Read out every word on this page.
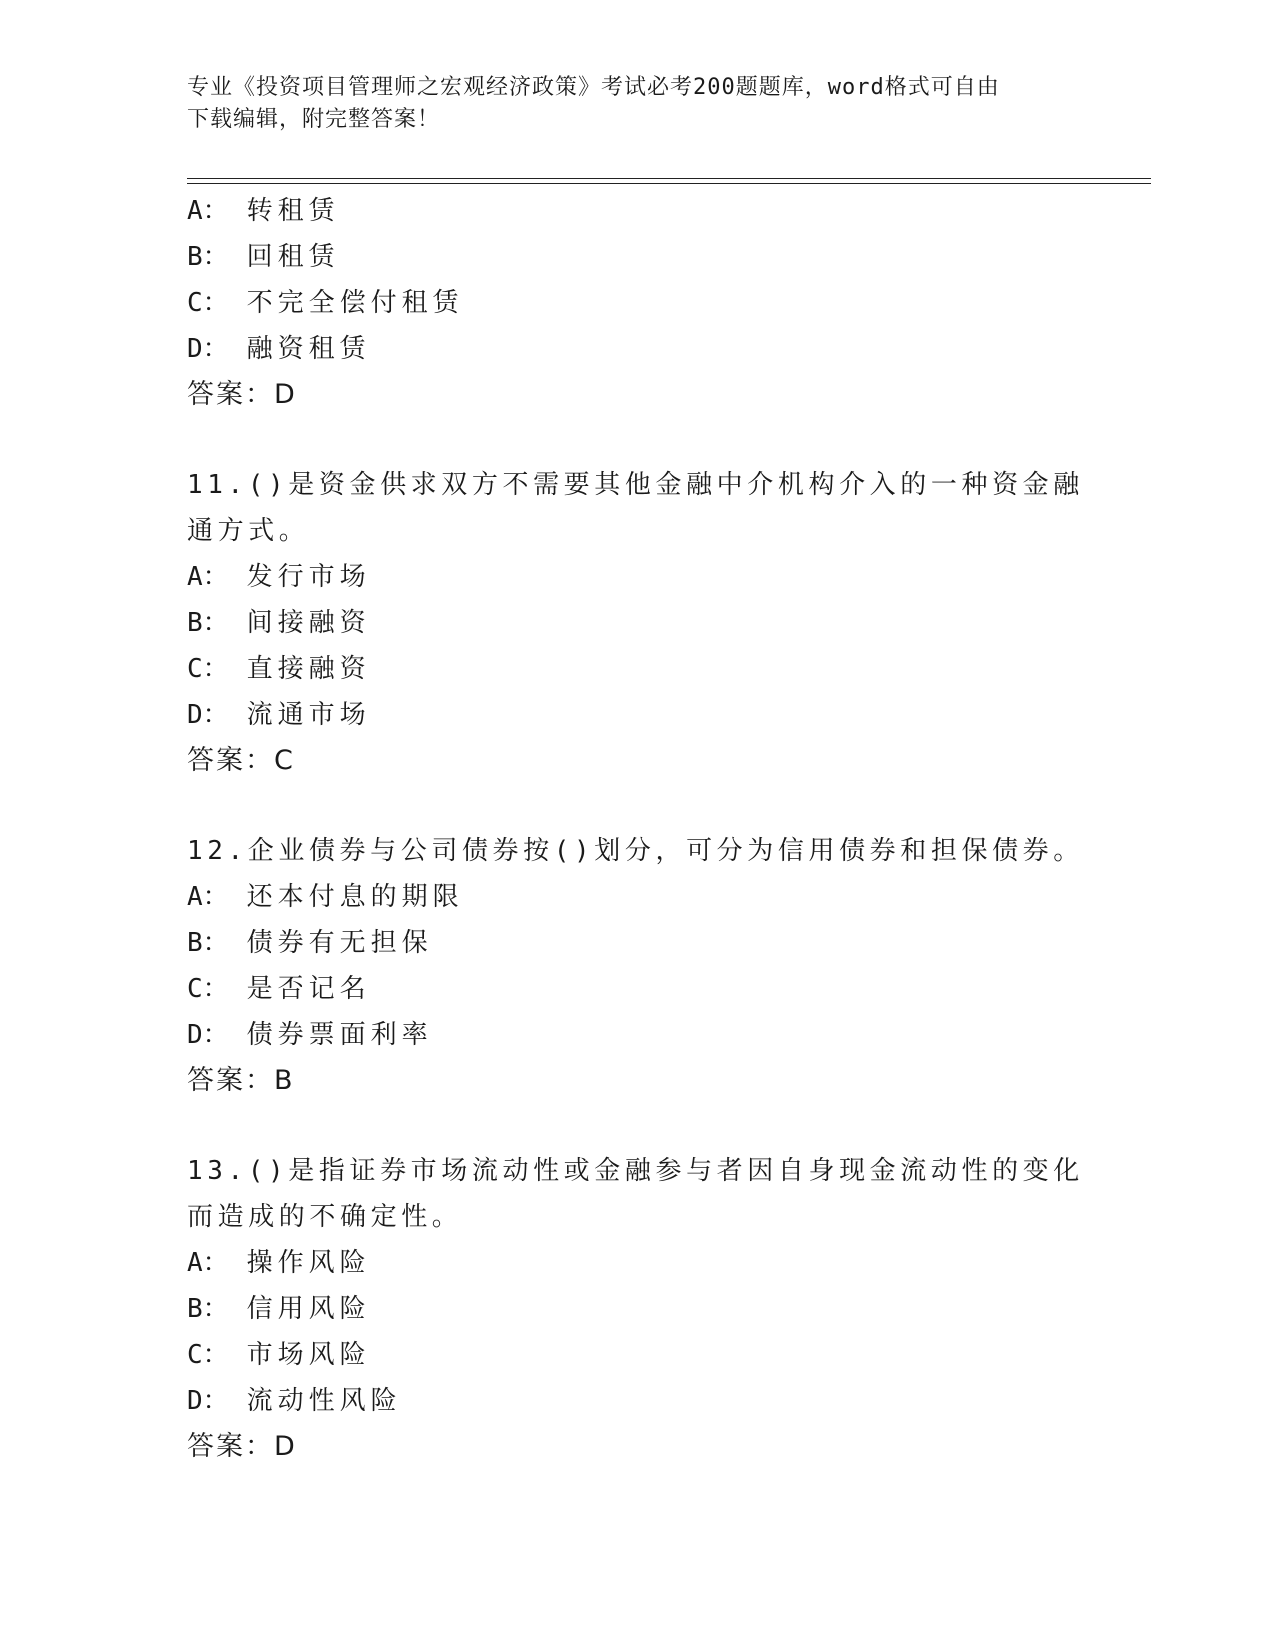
专业《投资项目管理师之宏观经济政策》考试必考200题题库，word格式可自由
下载编辑，附完整答案！
A： 转租赁
B： 回租赁
C： 不完全偿付租赁
D： 融资租赁
答案：D
11.()是资金供求双方不需要其他金融中介机构介入的一种资金融通方式。
A： 发行市场
B： 间接融资
C： 直接融资
D： 流通市场
答案：C
12.企业债券与公司债券按()划分，可分为信用债券和担保债券。
A： 还本付息的期限
B： 债券有无担保
C： 是否记名
D： 债券票面利率
答案：B
13.()是指证券市场流动性或金融参与者因自身现金流动性的变化而造成的不确定性。
A： 操作风险
B： 信用风险
C： 市场风险
D： 流动性风险
答案：D
